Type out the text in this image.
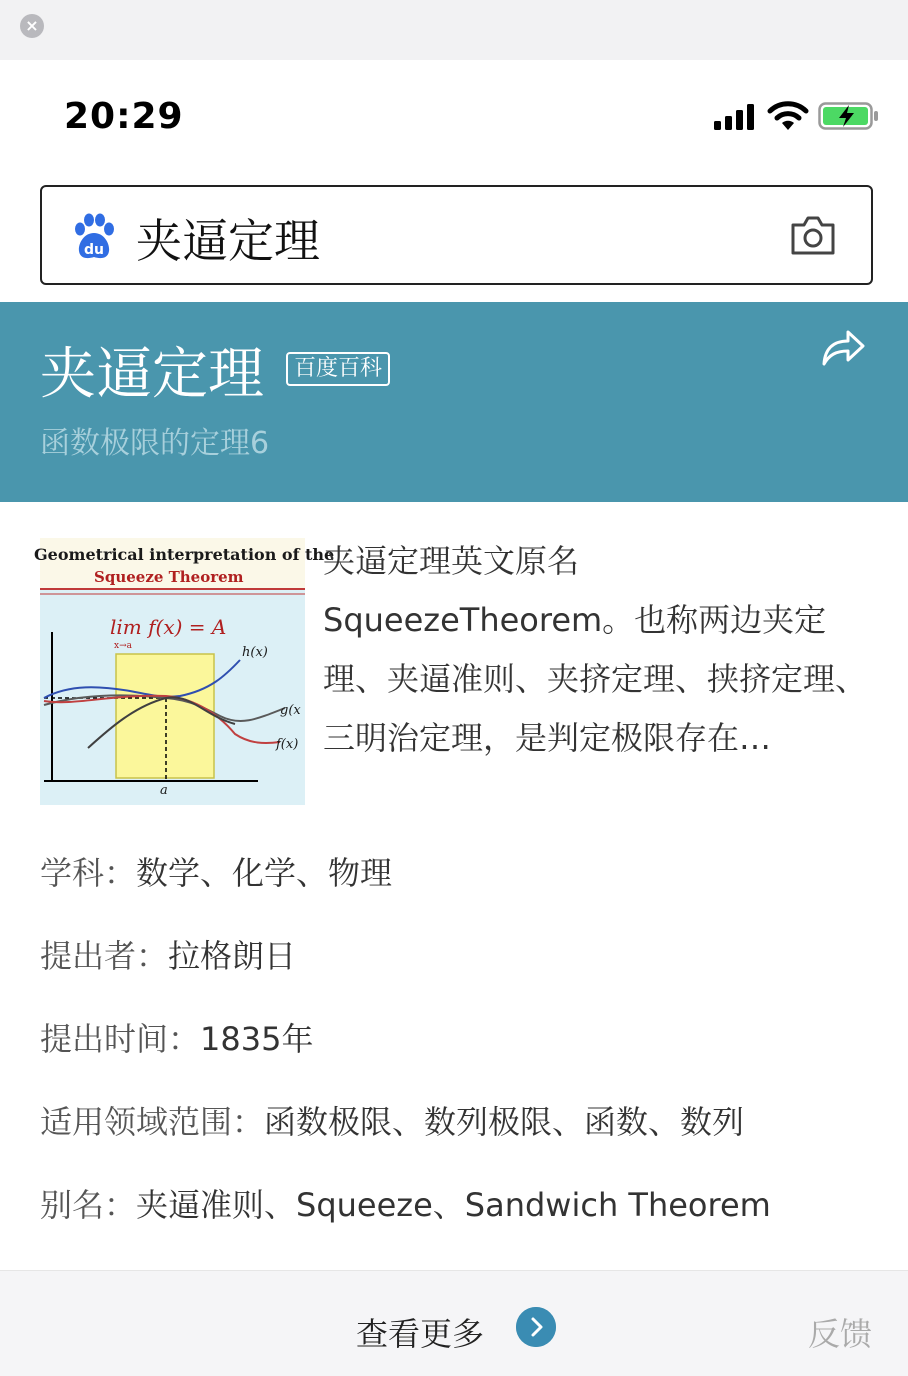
×
20:29
du 夹逼定理
夹逼定理	百度百科
函数极限的定理6
Geometrical interpretation of the
Squeeze Theorem
lim f(x) = A
x→a	h(x)
g(x
f(x)
a
夹逼定理英文原名SqueezeTheorem。也称两边夹定理、夹逼准则、夹挤定理、挟挤定理、三明治定理，是判定极限存在…
学科：数学、化学、物理
提出者：拉格朗日
提出时间：1835年
适用领域范围：函数极限、数列极限、函数、数列
别名：夹逼准则、Squeeze、Sandwich Theorem
查看更多	反馈
